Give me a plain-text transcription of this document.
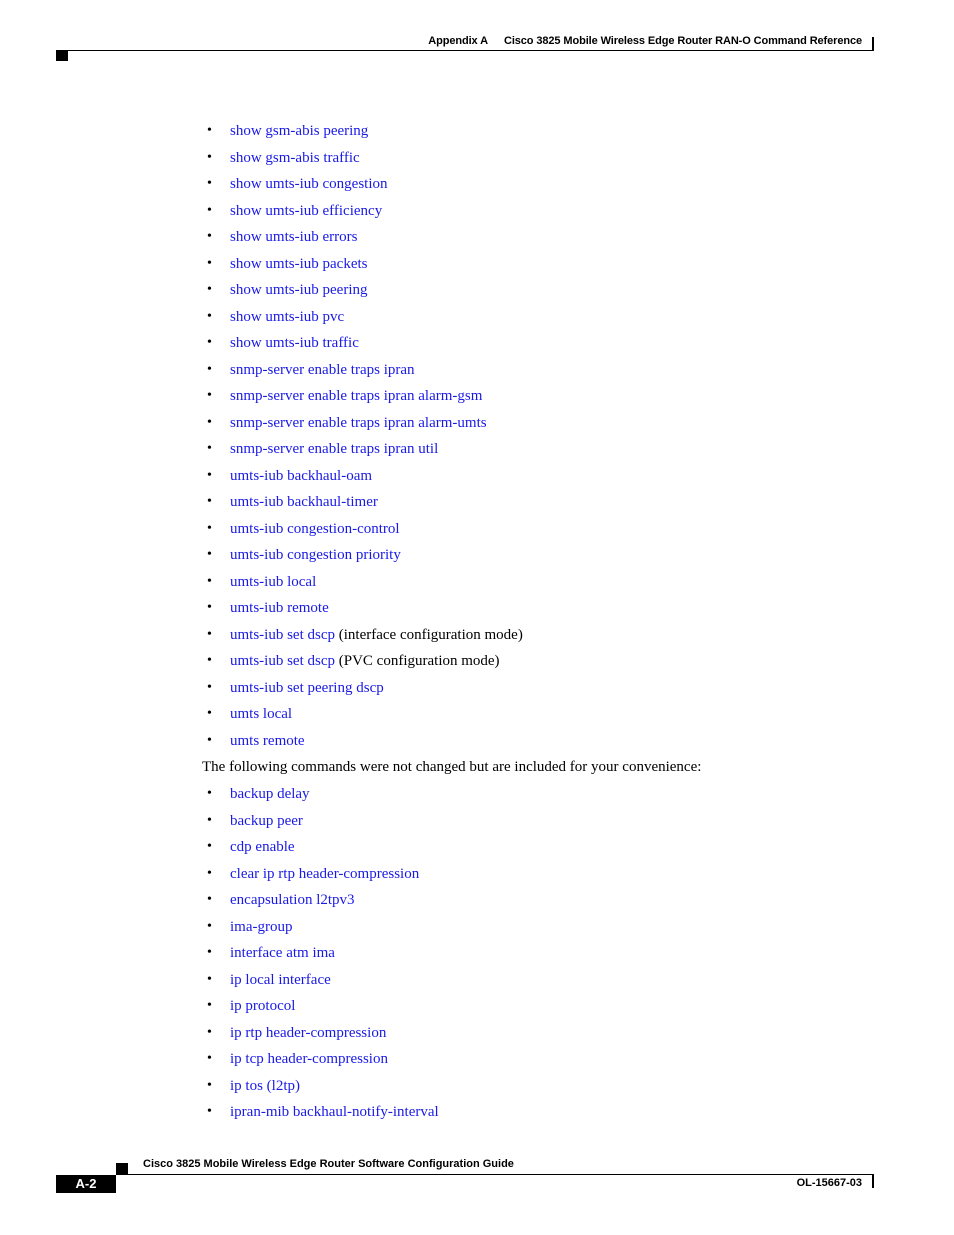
Appendix A Cisco 3825 Mobile Wireless Edge Router RAN-O Command Reference
• show gsm-abis peering
• show gsm-abis traffic
• show umts-iub congestion
• show umts-iub efficiency
• show umts-iub errors
• show umts-iub packets
• show umts-iub peering
• show umts-iub pvc
• show umts-iub traffic
• snmp-server enable traps ipran
• snmp-server enable traps ipran alarm-gsm
• snmp-server enable traps ipran alarm-umts
• snmp-server enable traps ipran util
• umts-iub backhaul-oam
• umts-iub backhaul-timer
• umts-iub congestion-control
• umts-iub congestion priority
• umts-iub local
• umts-iub remote
• umts-iub set dscp (interface configuration mode)
• umts-iub set dscp (PVC configuration mode)
• umts-iub set peering dscp
• umts local
• umts remote
The following commands were not changed but are included for your convenience:
• backup delay
• backup peer
• cdp enable
• clear ip rtp header-compression
• encapsulation l2tpv3
• ima-group
• interface atm ima
• ip local interface
• ip protocol
• ip rtp header-compression
• ip tcp header-compression
• ip tos (l2tp)
• ipran-mib backhaul-notify-interval
Cisco 3825 Mobile Wireless Edge Router Software Configuration Guide
A-2	OL-15667-03
